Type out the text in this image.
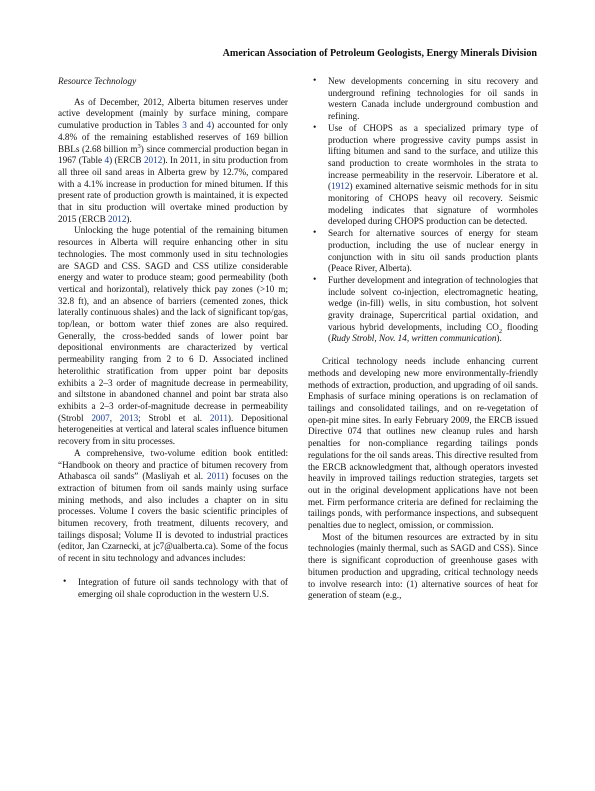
American Association of Petroleum Geologists, Energy Minerals Division
Resource Technology

As of December, 2012, Alberta bitumen reserves under active development (mainly by surface mining, compare cumulative production in Tables 3 and 4) accounted for only 4.8% of the remaining established reserves of 169 billion BBLs (2.68 billion $m^3$) since commercial production began in 1967 (Table 4) (ERCB 2012). In 2011, in situ production from all three oil sand areas in Alberta grew by 12.7%, compared with a 4.1% increase in production for mined bitumen. If this present rate of production growth is maintained, it is expected that in situ production will overtake mined production by 2015 (ERCB 2012).

Unlocking the huge potential of the remaining bitumen resources in Alberta will require enhancing other in situ technologies. The most commonly used in situ technologies are SAGD and CSS. SAGD and CSS utilize considerable energy and water to produce steam; good permeability (both vertical and horizontal), relatively thick pay zones (>10 m; 32.8 ft), and an absence of barriers (cemented zones, thick laterally continuous shales) and the lack of significant top/gas, top/lean, or bottom water thief zones are also required. Generally, the cross-bedded sands of lower point bar depositional environments are characterized by vertical permeability ranging from 2 to 6 D. Associated inclined heterolithic stratification from upper point bar deposits exhibits a 2–3 order of magnitude decrease in permeability, and siltstone in abandoned channel and point bar strata also exhibits a 2–3 order-of-magnitude decrease in permeability (Strobl 2007, 2013; Strobl et al. 2011). Depositional heterogeneities at vertical and lateral scales influence bitumen recovery from in situ processes.

A comprehensive, two-volume edition book entitled: “Handbook on theory and practice of bitumen recovery from Athabasca oil sands” (Masliyah et al. 2011) focuses on the extraction of bitumen from oil sands mainly using surface mining methods, and also includes a chapter on in situ processes. Volume I covers the basic scientific principles of bitumen recovery, froth treatment, diluents recovery, and tailings disposal; Volume II is devoted to industrial practices (editor, Jan Czarnecki, at jc7@ualberta.ca). Some of the focus of recent in situ technology and advances includes:

• Integration of future oil sands technology with that of emerging oil shale coproduction in the western U.S.
• New developments concerning in situ recovery and underground refining technologies for oil sands in western Canada include underground combustion and refining.
• Use of CHOPS as a specialized primary type of production where progressive cavity pumps assist in lifting bitumen and sand to the surface, and utilize this sand production to create wormholes in the strata to increase permeability in the reservoir. Liberatore et al. (1912) examined alternative seismic methods for in situ monitoring of CHOPS heavy oil recovery. Seismic modeling indicates that signature of wormholes developed during CHOPS production can be detected.
• Search for alternative sources of energy for steam production, including the use of nuclear energy in conjunction with in situ oil sands production plants (Peace River, Alberta).
• Further development and integration of technologies that include solvent co-injection, electromagnetic heating, wedge (in-fill) wells, in situ combustion, hot solvent gravity drainage, Supercritical partial oxidation, and various hybrid developments, including $CO_2$ flooding (Rudy Strobl, Nov. 14, written communication).

Critical technology needs include enhancing current methods and developing new more environmentally-friendly methods of extraction, production, and upgrading of oil sands. Emphasis of surface mining operations is on reclamation of tailings and consolidated tailings, and on re-vegetation of open-pit mine sites. In early February 2009, the ERCB issued Directive 074 that outlines new cleanup rules and harsh penalties for non-compliance regarding tailings ponds regulations for the oil sands areas. This directive resulted from the ERCB acknowledgment that, although operators invested heavily in improved tailings reduction strategies, targets set out in the original development applications have not been met. Firm performance criteria are defined for reclaiming the tailings ponds, with performance inspections, and subsequent penalties due to neglect, omission, or commission.

Most of the bitumen resources are extracted by in situ technologies (mainly thermal, such as SAGD and CSS). Since there is significant coproduction of greenhouse gases with bitumen production and upgrading, critical technology needs to involve research into: (1) alternative sources of heat for generation of steam (e.g.,
